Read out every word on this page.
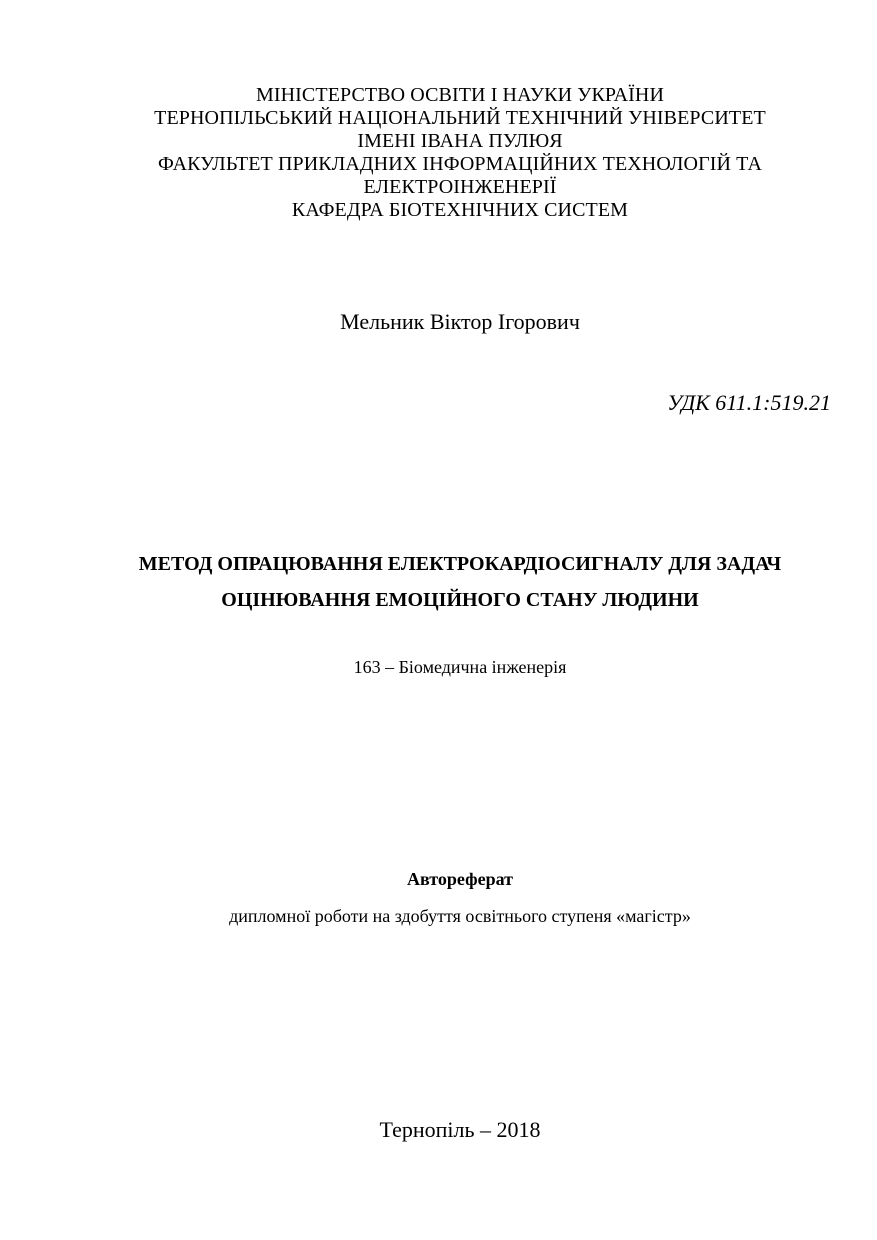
МІНІСТЕРСТВО ОСВІТИ І НАУКИ УКРАЇНИ
ТЕРНОПІЛЬСЬКИЙ НАЦІОНАЛЬНИЙ ТЕХНІЧНИЙ УНІВЕРСИТЕТ
ІМЕНІ ІВАНА ПУЛЮЯ
ФАКУЛЬТЕТ ПРИКЛАДНИХ ІНФОРМАЦІЙНИХ ТЕХНОЛОГІЙ ТА
ЕЛЕКТРОІНЖЕНЕРІЇ
КАФЕДРА БІОТЕХНІЧНИХ СИСТЕМ
Мельник Віктор Ігорович
УДК 611.1:519.21
МЕТОД ОПРАЦЮВАННЯ ЕЛЕКТРОКАРДІОСИГНАЛУ ДЛЯ ЗАДАЧ
ОЦІНЮВАННЯ ЕМОЦІЙНОГО СТАНУ ЛЮДИНИ
163 – Біомедична інженерія
Автореферат
дипломної роботи на здобуття освітнього ступеня «магістр»
Тернопіль – 2018
